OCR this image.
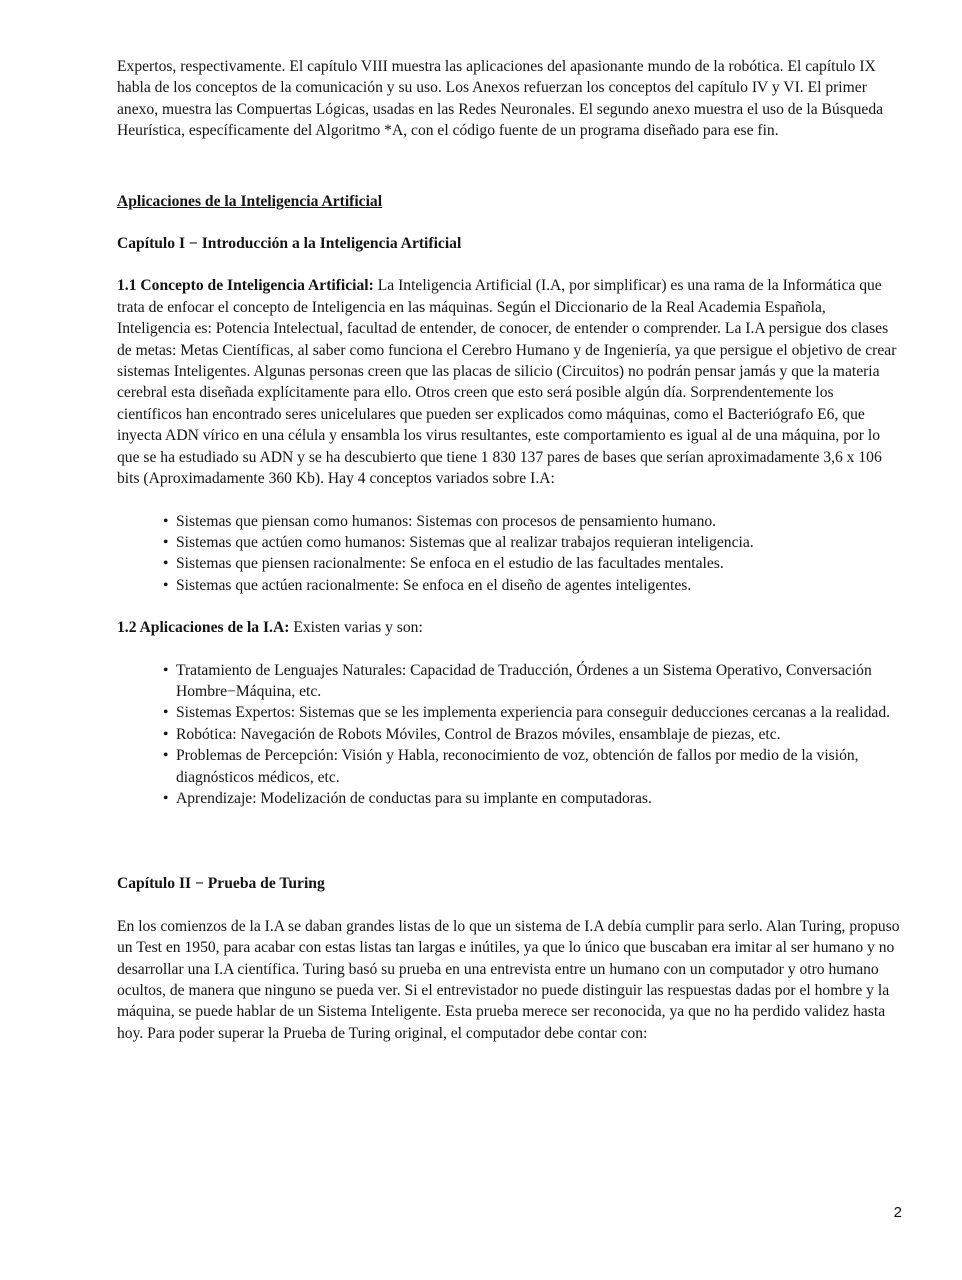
Expertos, respectivamente. El capítulo VIII muestra las aplicaciones del apasionante mundo de la robótica. El capítulo IX habla de los conceptos de la comunicación y su uso. Los Anexos refuerzan los conceptos del capítulo IV y VI. El primer anexo, muestra las Compuertas Lógicas, usadas en las Redes Neuronales. El segundo anexo muestra el uso de la Búsqueda Heurística, específicamente del Algoritmo *A, con el código fuente de un programa diseñado para ese fin.

Aplicaciones de la Inteligencia Artificial

Capítulo I − Introducción a la Inteligencia Artificial

1.1 Concepto de Inteligencia Artificial: La Inteligencia Artificial (I.A, por simplificar) es una rama de la Informática que trata de enfocar el concepto de Inteligencia en las máquinas. Según el Diccionario de la Real Academia Española, Inteligencia es: Potencia Intelectual, facultad de entender, de conocer, de entender o comprender. La I.A persigue dos clases de metas: Metas Científicas, al saber como funciona el Cerebro Humano y de Ingeniería, ya que persigue el objetivo de crear sistemas Inteligentes. Algunas personas creen que las placas de silicio (Circuitos) no podrán pensar jamás y que la materia cerebral esta diseñada explícitamente para ello. Otros creen que esto será posible algún día. Sorprendentemente los científicos han encontrado seres unicelulares que pueden ser explicados como máquinas, como el Bacteriógrafo E6, que inyecta ADN vírico en una célula y ensambla los virus resultantes, este comportamiento es igual al de una máquina, por lo que se ha estudiado su ADN y se ha descubierto que tiene 1 830 137 pares de bases que serían aproximadamente 3,6 x 106 bits (Aproximadamente 360 Kb). Hay 4 conceptos variados sobre I.A:

• Sistemas que piensan como humanos: Sistemas con procesos de pensamiento humano.
• Sistemas que actúen como humanos: Sistemas que al realizar trabajos requieran inteligencia.
• Sistemas que piensen racionalmente: Se enfoca en el estudio de las facultades mentales.
• Sistemas que actúen racionalmente: Se enfoca en el diseño de agentes inteligentes.

1.2 Aplicaciones de la I.A: Existen varias y son:

• Tratamiento de Lenguajes Naturales: Capacidad de Traducción, Órdenes a un Sistema Operativo, Conversación Hombre−Máquina, etc.
• Sistemas Expertos: Sistemas que se les implementa experiencia para conseguir deducciones cercanas a la realidad.
• Robótica: Navegación de Robots Móviles, Control de Brazos móviles, ensamblaje de piezas, etc.
• Problemas de Percepción: Visión y Habla, reconocimiento de voz, obtención de fallos por medio de la visión, diagnósticos médicos, etc.
• Aprendizaje: Modelización de conductas para su implante en computadoras.

Capítulo II − Prueba de Turing

En los comienzos de la I.A se daban grandes listas de lo que un sistema de I.A debía cumplir para serlo. Alan Turing, propuso un Test en 1950, para acabar con estas listas tan largas e inútiles, ya que lo único que buscaban era imitar al ser humano y no desarrollar una I.A científica. Turing basó su prueba en una entrevista entre un humano con un computador y otro humano ocultos, de manera que ninguno se pueda ver. Si el entrevistador no puede distinguir las respuestas dadas por el hombre y la máquina, se puede hablar de un Sistema Inteligente. Esta prueba merece ser reconocida, ya que no ha perdido validez hasta hoy. Para poder superar la Prueba de Turing original, el computador debe contar con:

2
